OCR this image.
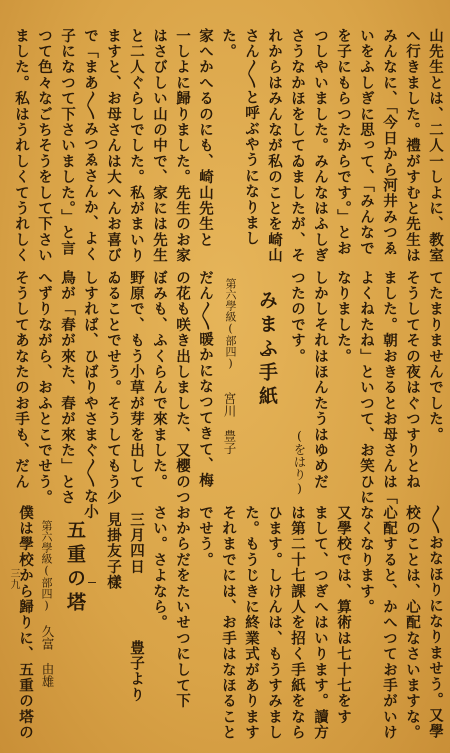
山先生とは、二人一しよに、教室
へ行きました。禮がすむと先生は
みんなに、「今日から河井みつゑ
いをふしぎに思って、「みんなで
を子にもらつたからです。」とお
つしやいました。みんなはふしぎ
さうなかほをしてゐましたが、そ
れからはみんなが私のことを崎山
さん〳〵と呼ぶやうになりまし
た。
家へかへるのにも、崎山先生と
一しよに歸りました。先生のお家
はさびしい山の中で、家には先生
と二人ぐらしでした。私がまいり
ますと、お母さんは大へんお喜び
で「まあ〳〵みつゑさんか、よく
子になつて下さいました。」と言
つて色々なごちそうをして下さい
ました。私はうれしくてうれしく
てたまりませんでした。
そうしてその夜はぐつすりとね
ました。朝おきるとお母さんは「
よくねたね」といつて、お笑ひに
なりました。
しかしそれはほんたうはゆめだ
つたのです。
(をはり)
みまふ手紙
第六學級(部四)
宮川　豊子
だん〳〵暖かになつてきて、梅
の花も咲き出しました、又櫻のつ
ぼみも、ふくらんで來ました。
野原で、もう小草が芽を出して
ゐることでせう。そうしてもう少
しすれば、ひばりやさまぐ〳〵な小
鳥が「春が來た、春が來た」とさ
へずりながら、おふとこでせう。
そうしてあなたのお手も、だん
〳〵おなほりになりませう。又學
校のことは、心配なさいますな。
心配すると、かへつてお手がいけ
なくなります。
又學校では、算術は七十七をす
まして、つぎへはいります。讀方
は第二十七課人を招く手紙をなら
ひます。しけんは、もうすみまし
た。もうじきに終業式があります
それまでには、お手はなほること
でせう。
おからだをたいせつにして下
さい。さよなら。
三月四日
豊子より
見掛友子樣
五重の塔
第六學級(部四)
久富　由雄
僕は學校から歸りに、五重の塔の
三九
